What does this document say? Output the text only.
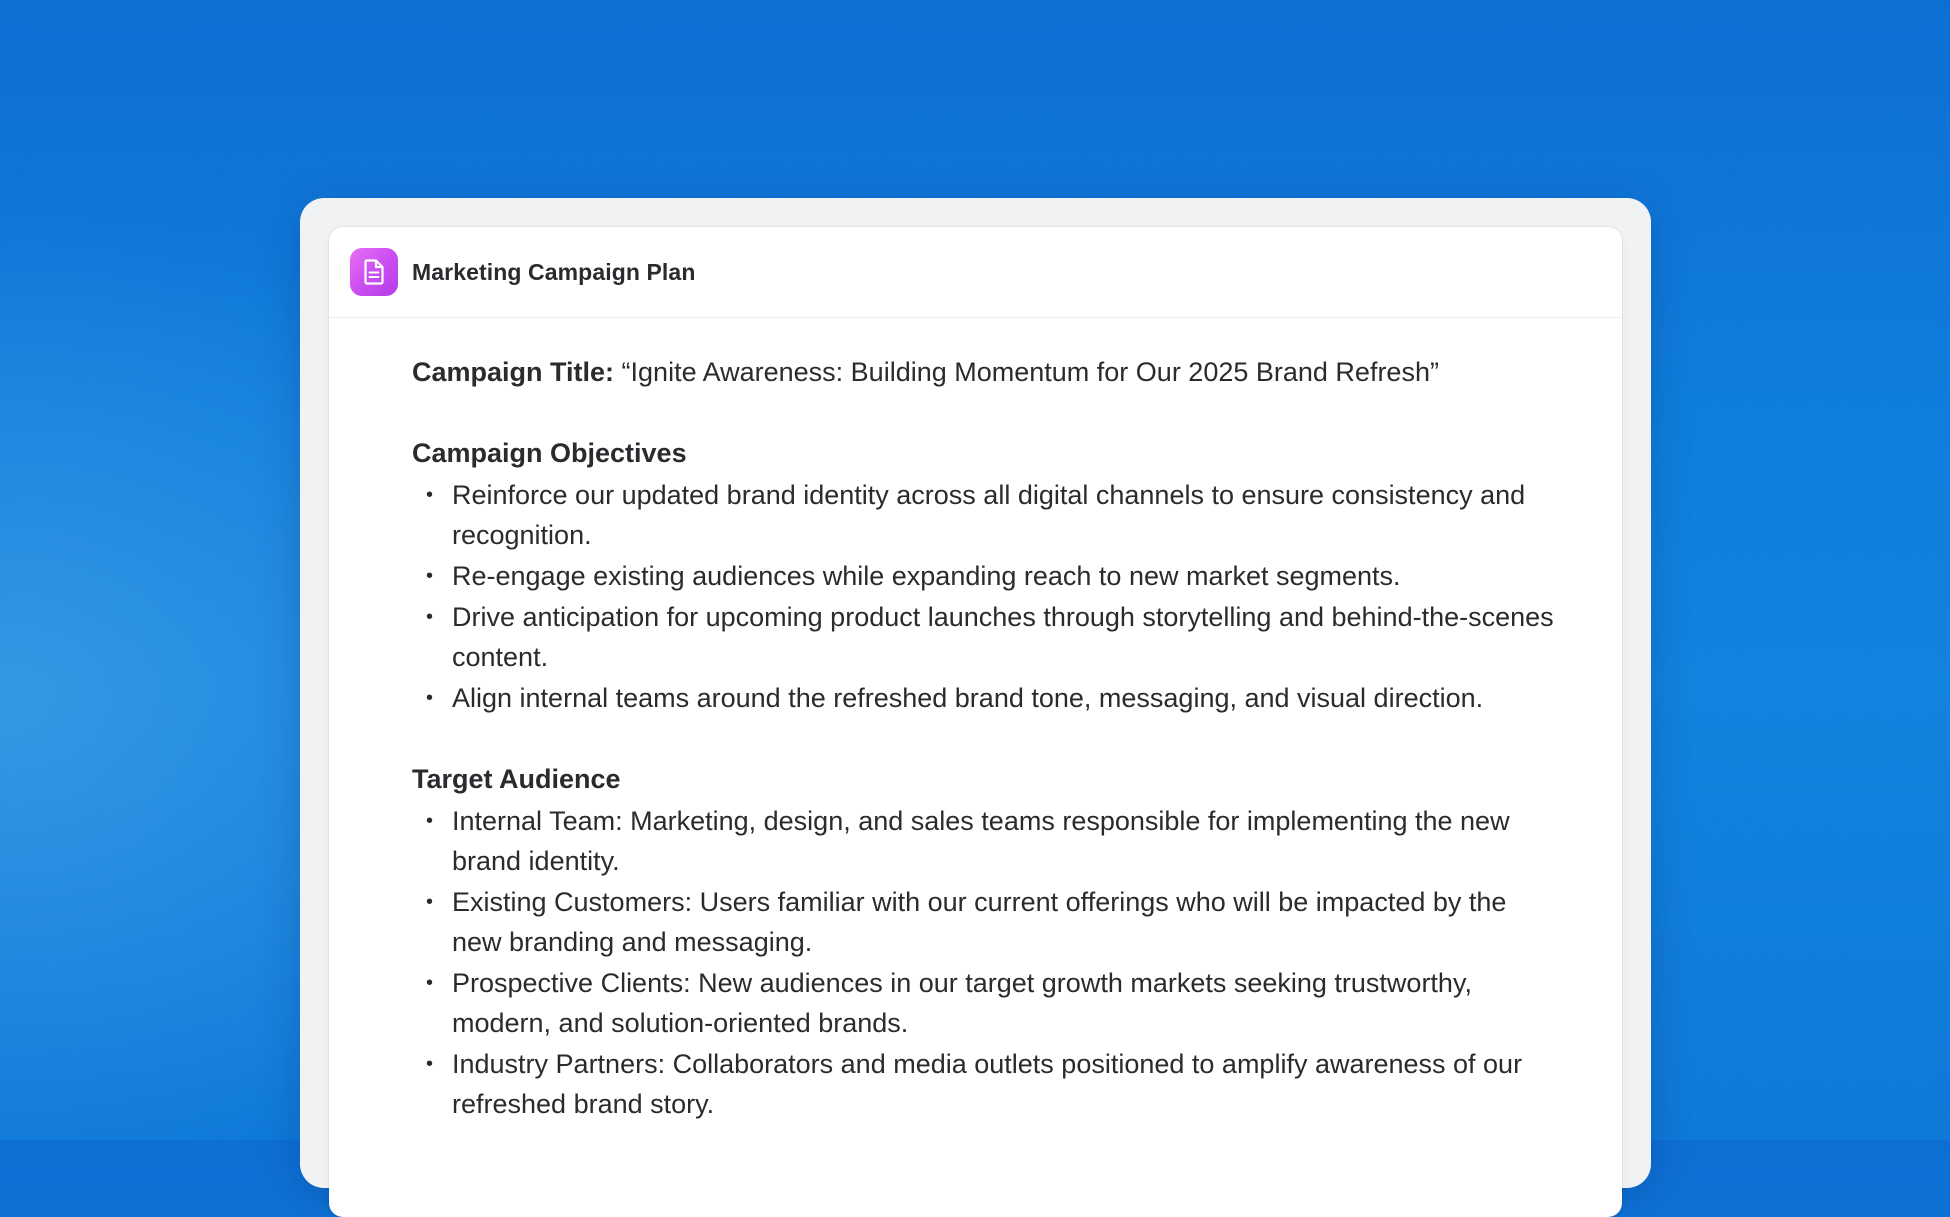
Marketing Campaign Plan

Campaign Title: “Ignite Awareness: Building Momentum for Our 2025 Brand Refresh”

Campaign Objectives
• Reinforce our updated brand identity across all digital channels to ensure consistency and recognition.
• Re-engage existing audiences while expanding reach to new market segments.
• Drive anticipation for upcoming product launches through storytelling and behind-the-scenes content.
• Align internal teams around the refreshed brand tone, messaging, and visual direction.
Target Audience
• Internal Team: Marketing, design, and sales teams responsible for implementing the new brand identity.
• Existing Customers: Users familiar with our current offerings who will be impacted by the new branding and messaging.
• Prospective Clients: New audiences in our target growth markets seeking trustworthy, modern, and solution-oriented brands.
• Industry Partners: Collaborators and media outlets positioned to amplify awareness of our refreshed brand story.
